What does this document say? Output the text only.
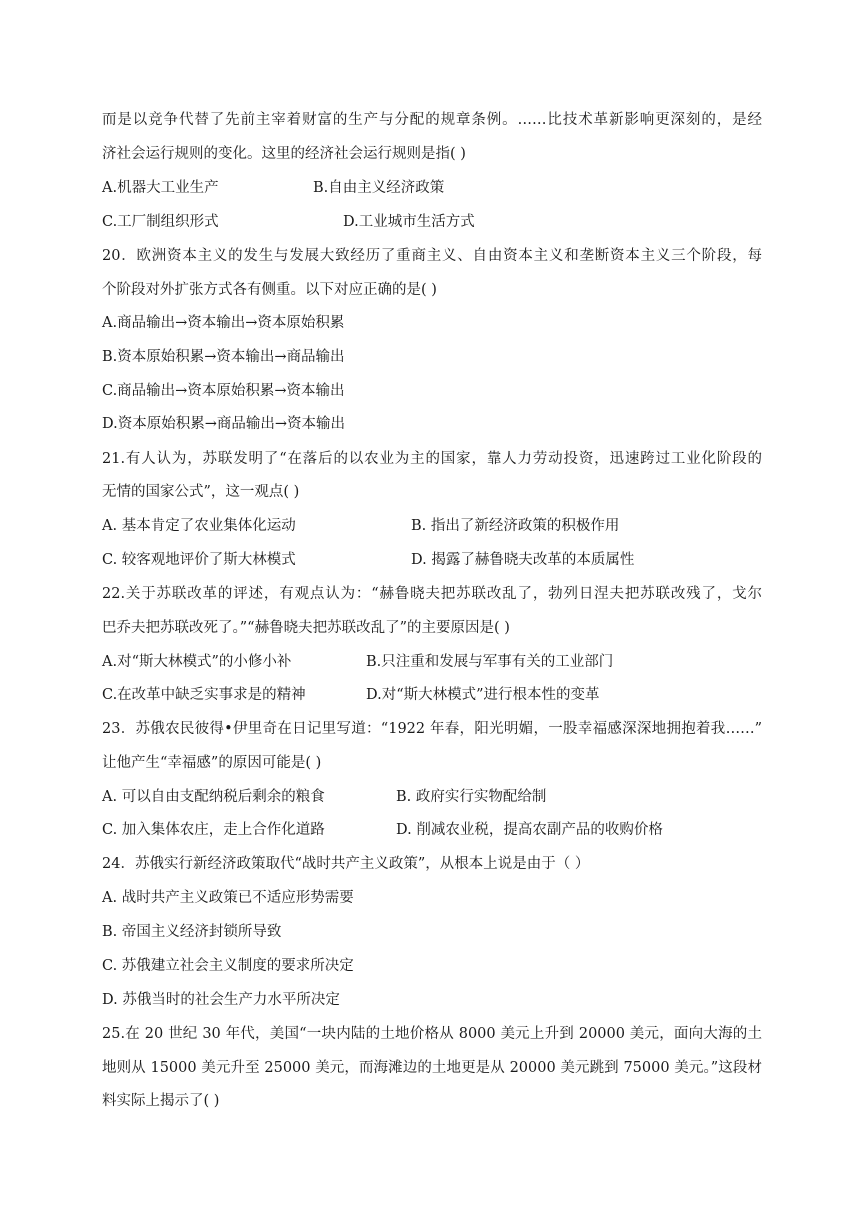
而是以竞争代替了先前主宰着财富的生产与分配的规章条例。……比技术革新影响更深刻的，是经
济社会运行规则的变化。这里的经济社会运行规则是指( )
A.机器大工业生产	B.自由主义经济政策
C.工厂制组织形式	D.工业城市生活方式
20．欧洲资本主义的发生与发展大致经历了重商主义、自由资本主义和垄断资本主义三个阶段，每
个阶段对外扩张方式各有侧重。以下对应正确的是( )
A.商品输出→资本输出→资本原始积累
B.资本原始积累→资本输出→商品输出
C.商品输出→资本原始积累→资本输出
D.资本原始积累→商品输出→资本输出
21.有人认为，苏联发明了“在落后的以农业为主的国家，靠人力劳动投资，迅速跨过工业化阶段的
无情的国家公式”，这一观点( )
A. 基本肯定了农业集体化运动	B. 指出了新经济政策的积极作用
C. 较客观地评价了斯大林模式	D. 揭露了赫鲁晓夫改革的本质属性
22.关于苏联改革的评述，有观点认为：“赫鲁晓夫把苏联改乱了，勃列日涅夫把苏联改残了，戈尔
巴乔夫把苏联改死了。”“赫鲁晓夫把苏联改乱了”的主要原因是( )
A.对“斯大林模式”的小修小补	B.只注重和发展与军事有关的工业部门
C.在改革中缺乏实事求是的精神	D.对“斯大林模式”进行根本性的变革
23．苏俄农民彼得•伊里奇在日记里写道：“1922 年春，阳光明媚，一股幸福感深深地拥抱着我……”
让他产生“幸福感”的原因可能是( )
A. 可以自由支配纳税后剩余的粮食	B. 政府实行实物配给制
C. 加入集体农庄，走上合作化道路	D. 削减农业税，提高农副产品的收购价格
24．苏俄实行新经济政策取代“战时共产主义政策”，从根本上说是由于（ ）
A. 战时共产主义政策已不适应形势需要
B. 帝国主义经济封锁所导致
C. 苏俄建立社会主义制度的要求所决定
D. 苏俄当时的社会生产力水平所决定
25.在 20 世纪 30 年代，美国“一块内陆的土地价格从 8000 美元上升到 20000 美元，面向大海的土
地则从 15000 美元升至 25000 美元，而海滩边的土地更是从 20000 美元跳到 75000 美元。”这段材
料实际上揭示了( )
